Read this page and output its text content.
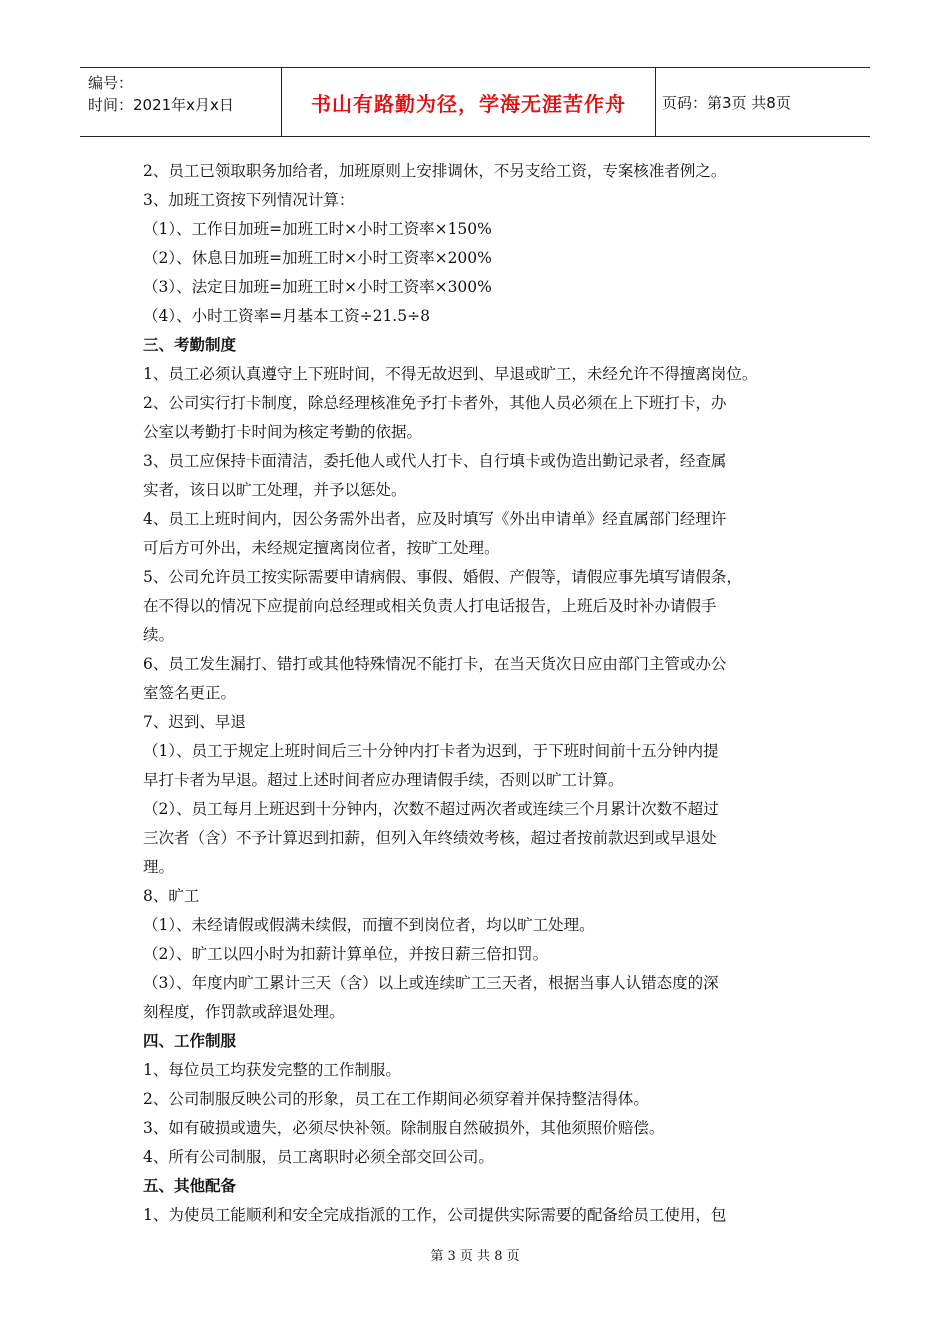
编号：
时间：2021年x月x日	书山有路勤为径，学海无涯苦作舟 页码：第3页 共8页

2、员工已领取职务加给者，加班原则上安排调休，不另支给工资，专案核准者例之。

3、加班工资按下列情况计算：

（1）、工作日加班=加班工时×小时工资率×150%

（2）、休息日加班=加班工时×小时工资率×200%

（3）、法定日加班=加班工时×小时工资率×300%

（4）、小时工资率=月基本工资÷21.5÷8

三、考勤制度

1、员工必须认真遵守上下班时间，不得无故迟到、早退或旷工，未经允许不得擅离岗位。

2、公司实行打卡制度，除总经理核准免予打卡者外，其他人员必须在上下班打卡，办

公室以考勤打卡时间为核定考勤的依据。

3、员工应保持卡面清洁，委托他人或代人打卡、自行填卡或伪造出勤记录者，经查属

实者，该日以旷工处理，并予以惩处。

4、员工上班时间内，因公务需外出者，应及时填写《外出申请单》经直属部门经理许

可后方可外出，未经规定擅离岗位者，按旷工处理。

5、公司允许员工按实际需要申请病假、事假、婚假、产假等，请假应事先填写请假条，

在不得以的情况下应提前向总经理或相关负责人打电话报告，上班后及时补办请假手

续。

6、员工发生漏打、错打或其他特殊情况不能打卡，在当天货次日应由部门主管或办公

室签名更正。

7、迟到、早退

（1）、员工于规定上班时间后三十分钟内打卡者为迟到，于下班时间前十五分钟内提

早打卡者为早退。超过上述时间者应办理请假手续，否则以旷工计算。

（2）、员工每月上班迟到十分钟内，次数不超过两次者或连续三个月累计次数不超过

三次者（含）不予计算迟到扣薪，但列入年终绩效考核，超过者按前款迟到或早退处

理。

8、旷工

（1）、未经请假或假满未续假，而擅不到岗位者，均以旷工处理。

（2）、旷工以四小时为扣薪计算单位，并按日薪三倍扣罚。

（3）、年度内旷工累计三天（含）以上或连续旷工三天者，根据当事人认错态度的深

刻程度，作罚款或辞退处理。

四、工作制服

1、每位员工均获发完整的工作制服。

2、公司制服反映公司的形象，员工在工作期间必须穿着并保持整洁得体。

3、如有破损或遗失，必须尽快补领。除制服自然破损外，其他须照价赔偿。

4、所有公司制服，员工离职时必须全部交回公司。

五、其他配备

1、为使员工能顺利和安全完成指派的工作，公司提供实际需要的配备给员工使用，包

第 3 页 共 8 页
